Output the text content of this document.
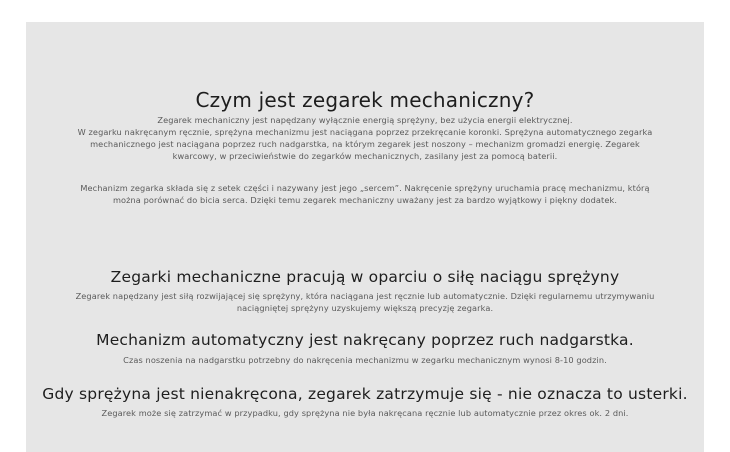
Czym jest zegarek mechaniczny?
Zegarek mechaniczny jest napędzany wyłącznie energią sprężyny, bez użycia energii elektrycznej.
W zegarku nakręcanym ręcznie, sprężyna mechanizmu jest naciągana poprzez przekręcanie koronki. Sprężyna automatycznego zegarka
mechanicznego jest naciągana poprzez ruch nadgarstka, na którym zegarek jest noszony – mechanizm gromadzi energię. Zegarek
kwarcowy, w przeciwieństwie do zegarków mechanicznych, zasilany jest za pomocą baterii.
Mechanizm zegarka składa się z setek części i nazywany jest jego „sercem”. Nakręcenie sprężyny uruchamia pracę mechanizmu, którą
można porównać do bicia serca. Dzięki temu zegarek mechaniczny uważany jest za bardzo wyjątkowy i piękny dodatek.
Zegarki mechaniczne pracują w oparciu o siłę naciągu sprężyny
Zegarek napędzany jest siłą rozwijającej się sprężyny, która naciągana jest ręcznie lub automatycznie. Dzięki regularnemu utrzymywaniu
naciągniętej sprężyny uzyskujemy większą precyzję zegarka.
Mechanizm automatyczny jest nakręcany poprzez ruch nadgarstka.
Czas noszenia na nadgarstku potrzebny do nakręcenia mechanizmu w zegarku mechanicznym wynosi 8-10 godzin.
Gdy sprężyna jest nienakręcona, zegarek zatrzymuje się - nie oznacza to usterki.
Zegarek może się zatrzymać w przypadku, gdy sprężyna nie była nakręcana ręcznie lub automatycznie przez okres ok. 2 dni.
